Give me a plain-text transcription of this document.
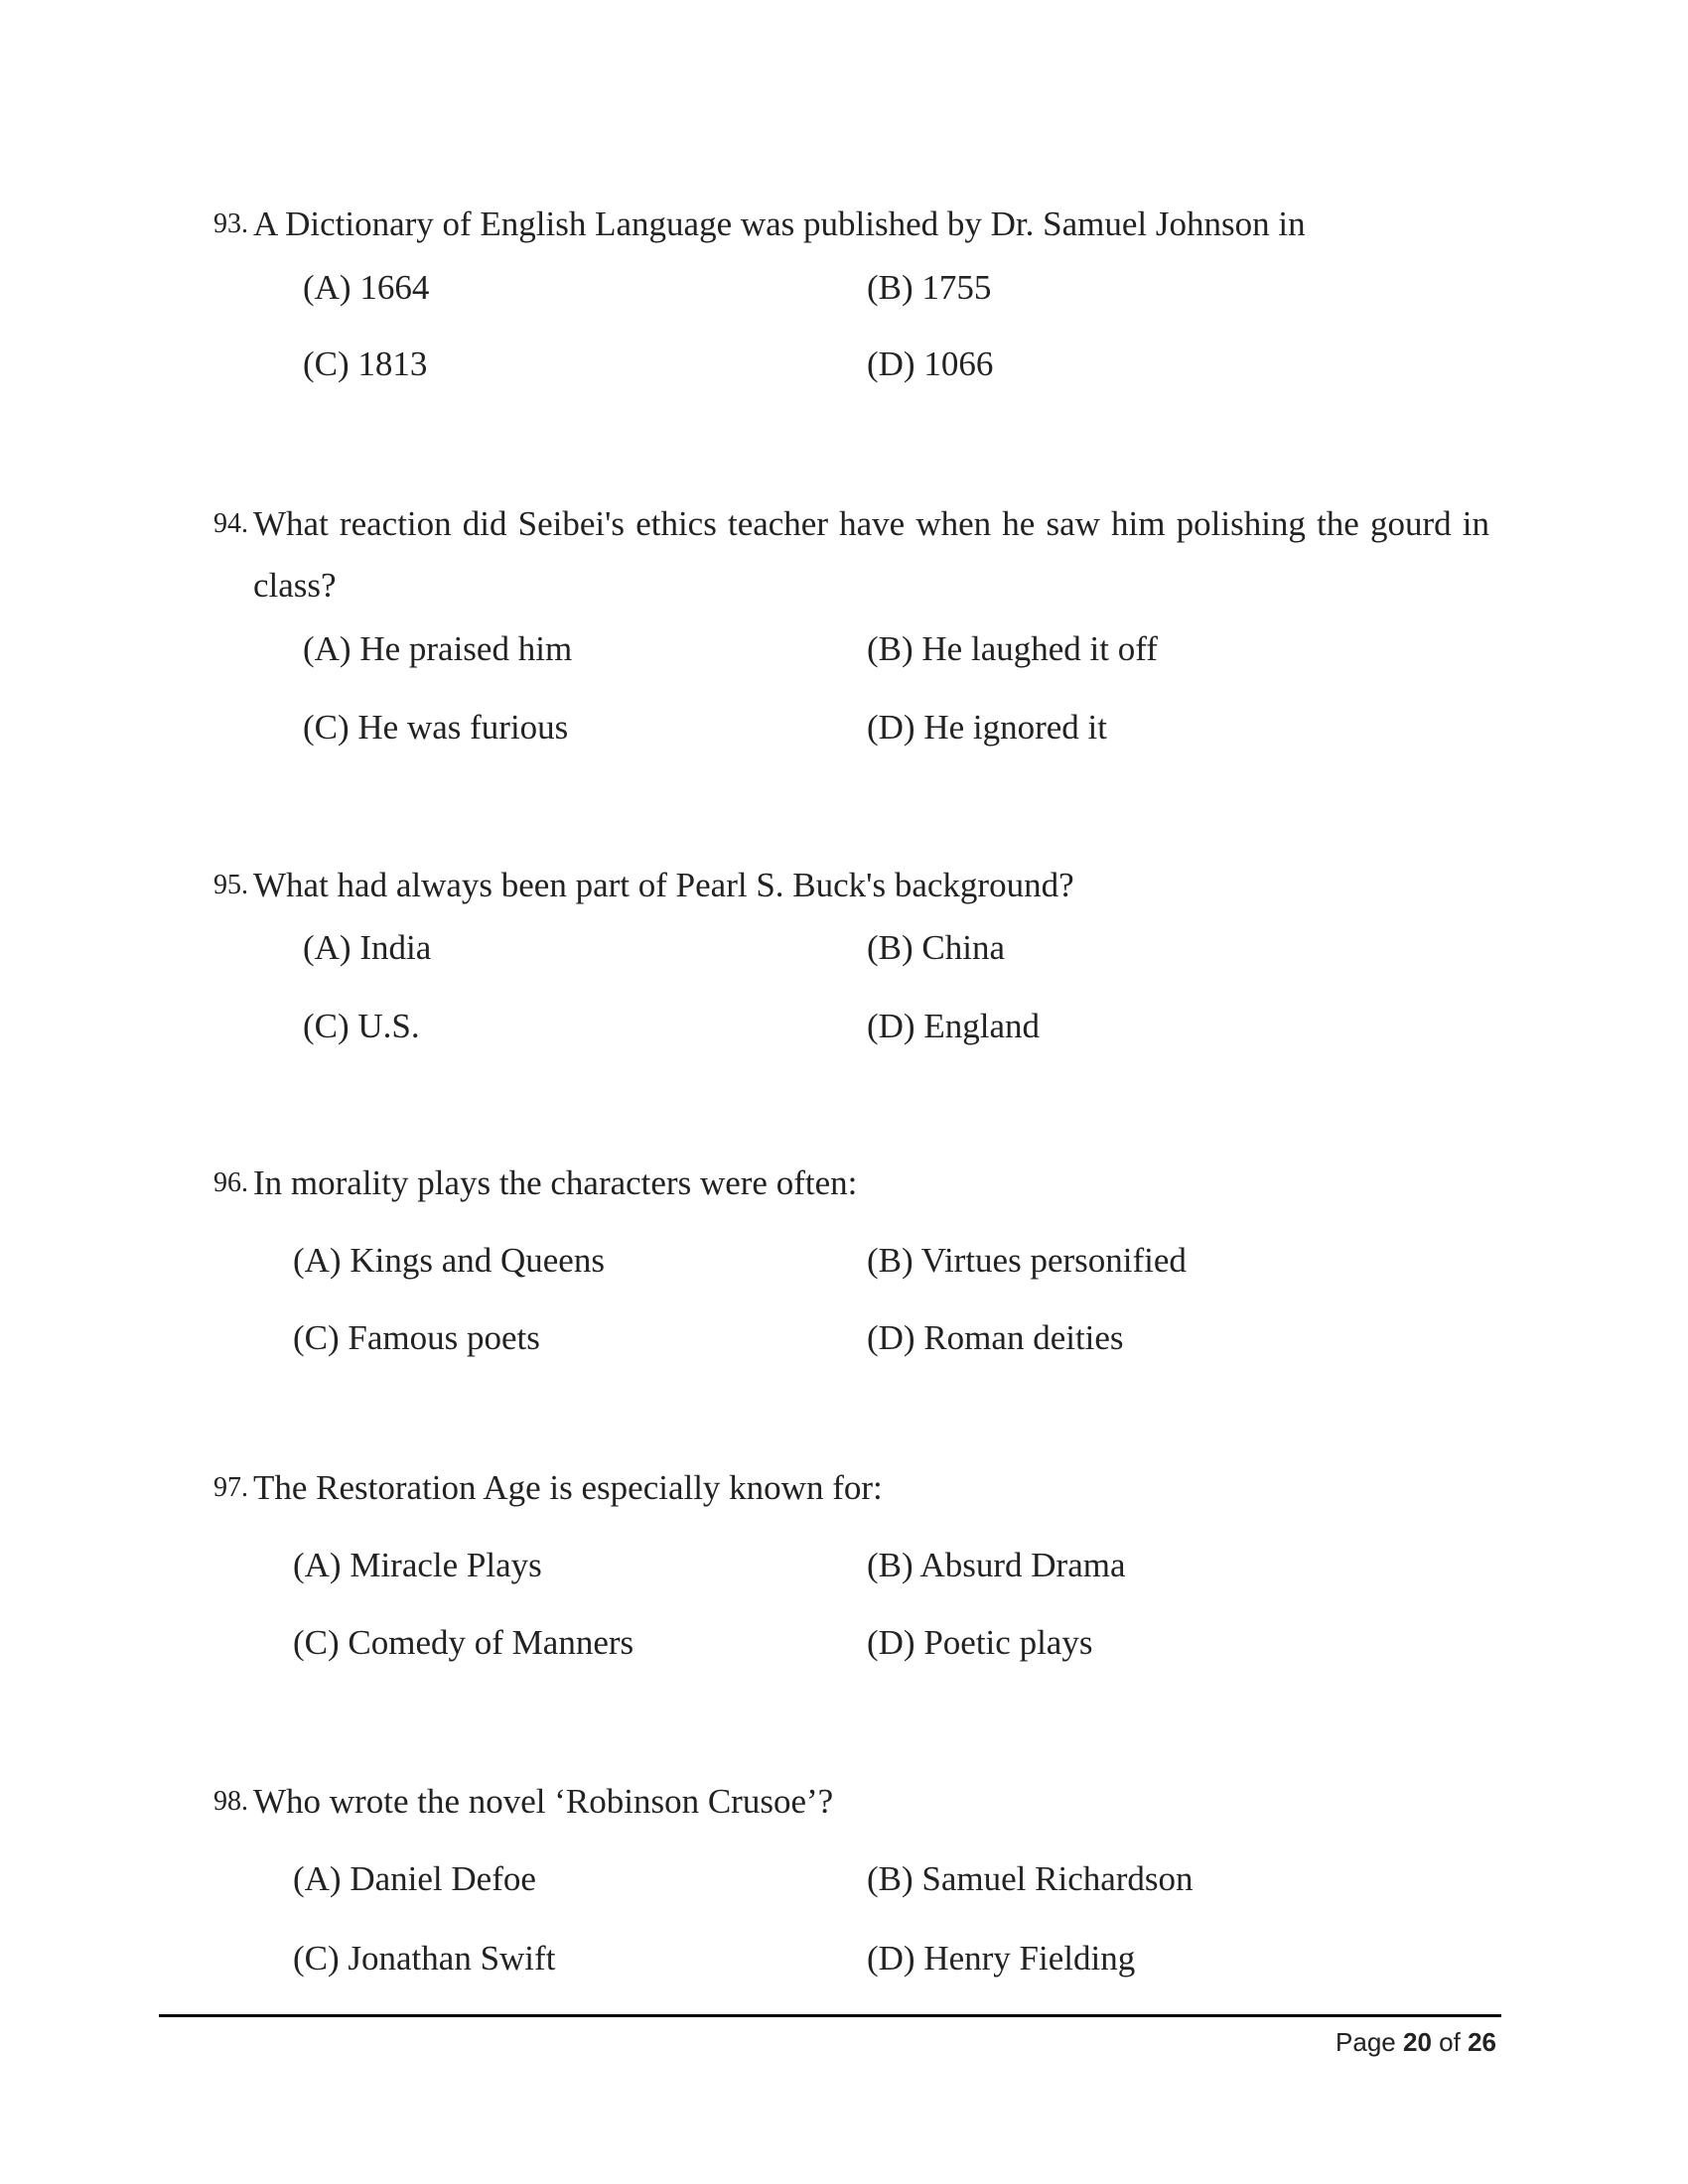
93. A Dictionary of English Language was published by Dr. Samuel Johnson in
(A) 1664	(B) 1755
(C) 1813	(D) 1066
94. What reaction did Seibei's ethics teacher have when he saw him polishing the gourd in class?
(A) He praised him	(B) He laughed it off
(C) He was furious	(D) He ignored it
95. What had always been part of Pearl S. Buck's background?
(A) India	(B) China
(C) U.S.	(D) England
96. In morality plays the characters were often:
(A) Kings and Queens	(B) Virtues personified
(C) Famous poets	(D) Roman deities
97. The Restoration Age is especially known for:
(A) Miracle Plays	(B) Absurd Drama
(C) Comedy of Manners	(D) Poetic plays
98. Who wrote the novel ‘Robinson Crusoe’?
(A) Daniel Defoe	(B) Samuel Richardson
(C) Jonathan Swift	(D) Henry Fielding
Page 20 of 26
